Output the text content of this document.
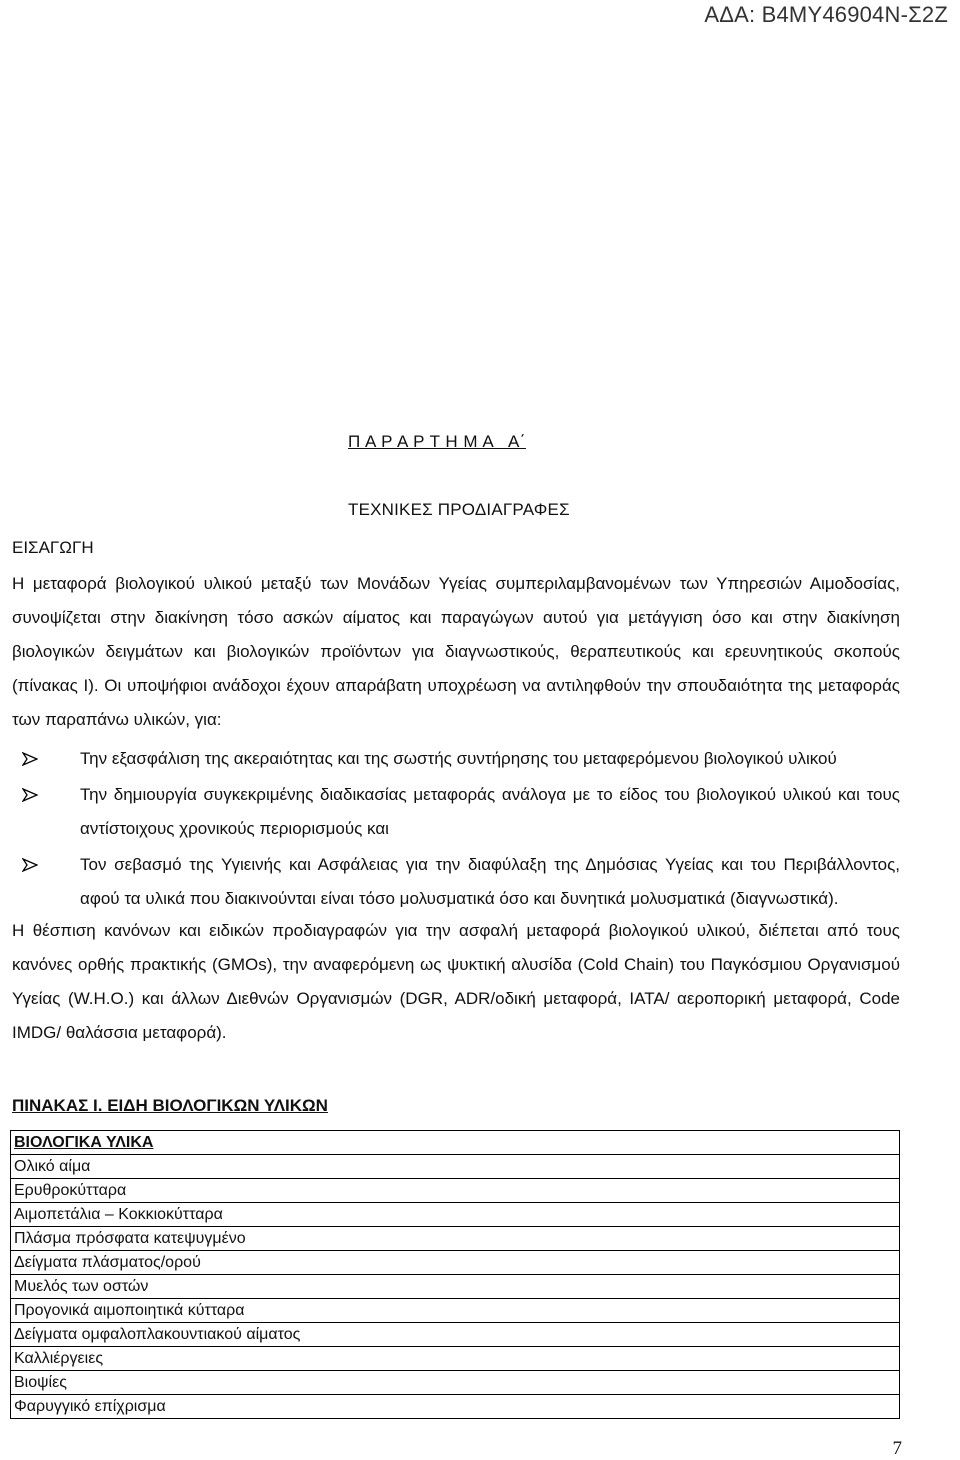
ΑΔΑ: Β4ΜΥ46904Ν-Σ2Ζ
Π Α Ρ Α Ρ Τ Η Μ Α   Α΄
ΤΕΧΝΙΚΕΣ ΠΡΟΔΙΑΓΡΑΦΕΣ
ΕΙΣΑΓΩΓΗ
Η μεταφορά βιολογικού υλικού μεταξύ των Μονάδων Υγείας συμπεριλαμβανομένων των Υπηρεσιών Αιμοδοσίας, συνοψίζεται στην διακίνηση τόσο ασκών αίματος και παραγώγων αυτού για μετάγγιση όσο και στην διακίνηση βιολογικών δειγμάτων και βιολογικών προϊόντων για διαγνωστικούς, θεραπευτικούς και ερευνητικούς σκοπούς (πίνακας Ι). Οι υποψήφιοι ανάδοχοι έχουν απαράβατη υποχρέωση να αντιληφθούν την σπουδαιότητα της μεταφοράς των παραπάνω υλικών, για:
Την εξασφάλιση της ακεραιότητας και της σωστής συντήρησης του μεταφερόμενου βιολογικού υλικού
Την δημιουργία συγκεκριμένης διαδικασίας μεταφοράς ανάλογα με το είδος του βιολογικού υλικού και τους αντίστοιχους χρονικούς περιορισμούς και
Τον σεβασμό της Υγιεινής και Ασφάλειας για την διαφύλαξη της Δημόσιας Υγείας και του Περιβάλλοντος, αφού τα υλικά που διακινούνται είναι τόσο μολυσματικά όσο και δυνητικά μολυσματικά (διαγνωστικά).
Η θέσπιση κανόνων και ειδικών προδιαγραφών για την ασφαλή μεταφορά βιολογικού υλικού, διέπεται από τους κανόνες ορθής πρακτικής (GMOs), την αναφερόμενη ως ψυκτική αλυσίδα (Cold Chain) του Παγκόσμιου Οργανισμού Υγείας (W.H.O.) και άλλων Διεθνών Οργανισμών (DGR, ADR/οδική μεταφορά, IATA/ αεροπορική μεταφορά, Code IMDG/ θαλάσσια μεταφορά).
ΠΙΝΑΚΑΣ Ι. ΕΙΔΗ ΒΙΟΛΟΓΙΚΩΝ ΥΛΙΚΩΝ
ΒΙΟΛΟΓΙΚΑ ΥΛΙΚΑ
Ολικό αίμα
Ερυθροκύτταρα
Αιμοπετάλια – Κοκκιοκύτταρα
Πλάσμα πρόσφατα κατεψυγμένο
Δείγματα πλάσματος/ορού
Μυελός των οστών
Προγονικά αιμοποιητικά κύτταρα
Δείγματα ομφαλοπλακουντιακού αίματος
Καλλιέργειες
Βιοψίες
Φαρυγγικό επίχρισμα
7
